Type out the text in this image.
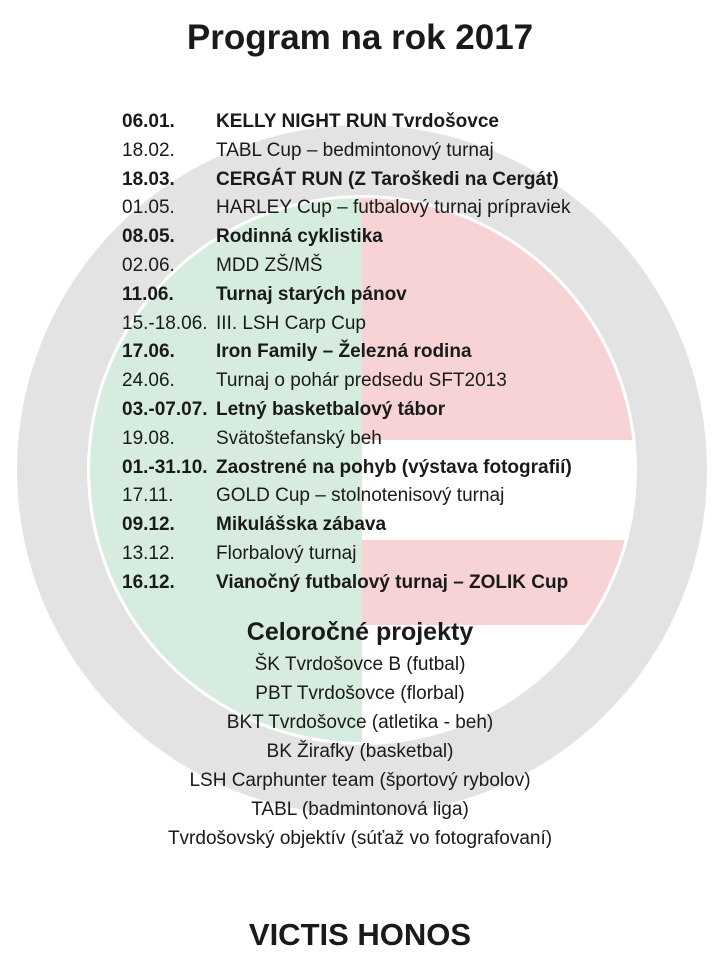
Program na rok 2017
06.01. KELLY NIGHT RUN Tvrdošovce
18.02. TABL Cup – bedmintonový turnaj
18.03. CERGÁT RUN (Z Taroškedi na Cergát)
01.05. HARLEY Cup – futbalový turnaj prípraviek
08.05. Rodinná cyklistika
02.06. MDD ZŠ/MŠ
11.06. Turnaj starých pánov
15.-18.06. III. LSH Carp Cup
17.06. Iron Family – Železná rodina
24.06. Turnaj o pohár predsedu SFT2013
03.-07.07. Letný basketbalový tábor
19.08. Svätoštefanský beh
01.-31.10. Zaostrené na pohyb (výstava fotografií)
17.11. GOLD Cup – stolnotenisový turnaj
09.12. Mikulášska zábava
13.12. Florbalový turnaj
16.12. Vianočný futbalový turnaj – ZOLIK Cup
Celoročné projekty
ŠK Tvrdošovce B (futbal)
PBT Tvrdošovce (florbal)
BKT Tvrdošovce (atletika - beh)
BK Žirafky (basketbal)
LSH Carphunter team (športový rybolov)
TABL (badmintonová liga)
Tvrdošovský objektív (súťaž vo fotografovaní)
VICTIS HONOS
